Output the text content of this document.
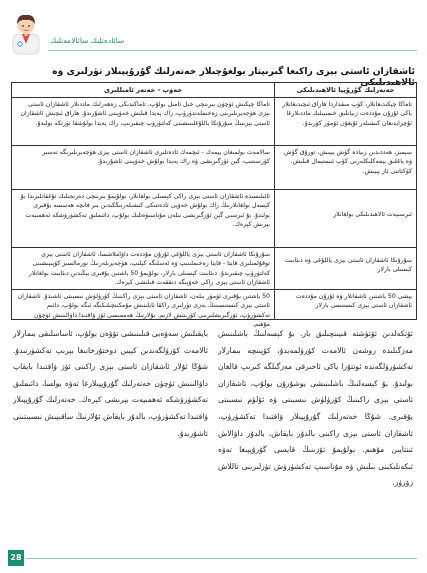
سائادەتلىك سائالامەتلىك
ئاشقازان ئاستى بېزى راكىغا گىرىپتار بولغۇچىلار خەتەرلىك گۇرۇپپىلار تۈرلىرى ۋە ئالاھىدىلىكى
خەۋپ - خەتەر ئامىللىرى	خەتەرلىك گۇرۇپپا ئالاھىدىلىكى
تاماكا چېكىش ئۈچۈن بىرىنچى خىل ئامىل بولۇپ، تاماكىدىكى زەھەرلىك ماددىلار ئاشقازان ئاستى بېزى ھۈجەيرىلىرىنى زەخىملەندۈرۈپ، راك پەيدا قىلىش خەۋپىنى ئاشۇرىدۇ. ھاراق ئىچىش ئاشقازان ئاستى بېزىنىڭ سۇرۇنكا ياللۇغلىنىشىنى كەلتۈرۈپ چىقىرىپ، راك پەيدا بولۇشقا تۈرتكە بولىدۇ.
تاماكا چېكىدىغانلار، كۆپ مىقداردا ھاراق ئىچىدىغانلار ياكى ئۇزۇن مۇددەت زىيانلىق خىمىيىلىك ماددىلارغا ئۇچرايدىغان كىشىلەر ئۇيغۇن ئۆمۈر كۆرىدۇ.
سالامەت بولمىغان يېمەك - ئىچمەك ئادەتلىرى ئاشقازان ئاستى بېزى ھۈجەيرىلىرىگە تەسىر كۆرسىتىپ، گېن ئۆزگىرىشى ۋە راك پەيدا بولۇش خەۋپىنى ئاشۇرىدۇ.
سېمىز، ھەددىدىن زىيادە گۆش يېيىش، تورۇق گۆش ۋە ياغلىق يېمەكلىكلەرنى كۆپ ئىستېمال قىلىش، كۆكتاتنى ئاز يېيىش.
ئائىلىسىدە ئاشقازان ئاستى بېزى راكى كېسىلى بولغانلار، بولۇپمۇ بىرىنچى دەرىجىلىك تۇغقانلىرىدا بۇ كېسەل بولغانلارنىڭ راك بولۇش خەۋپى ئادەتتىكى كىشىلەرنىڭكىدىن بىر قانچە ھەسسە يۇقىرى بولىدۇ. بۇ ئىرسىي گېن ئۆزگىرىشى بىلەن مۇناسىۋەتلىك بولۇپ، دائىملىق تەكشۈرۈشكە ئەھمىيەت بېرىش كېرەك.
ئىرسىيەت ئالاھىدىلىكى بولغانلار
سۇرۇنكا ئاشقازان ئاستى بېزى ياللۇغى ئۇزۇن مۇددەت داۋاملاشسا، ئاشقازان ئاستى بېزى توقۇلمىلىرى قايتا - قايتا زەخىملىنىپ ۋە ئەسلىگە كېلىپ، ھۈجەيرىلەرنىڭ نورمالسىز كۆپىيىشىنى كەلتۈرۈپ چىقىرىدۇ. دىئابىت كېسىلى بارلار، بولۇپمۇ 50 ياشتىن يۇقىرى يېڭىدىن دىئابىت بولغانلار ئاشقازان ئاستى بېزى راكى خەۋپىگە دىققەت قىلىشى كېرەك.
سۇرۇنكا ئاشقازان ئاستى بېزى ياللۇغى ۋە دىئابىت كېسىلى بارلار
50 ياشتىن يۇقىرى ئۆمۈر بىلەن، ئاشقازان ئاستى بېزى راكىنىڭ كۆرۈلۈش نىسبىتى ئاشىدۇ. ئاشقازان ئاستى بېزى كىستىسىنىڭ بەزى تۈرلىرى راكقا ئايلىنىش مۇمكىنچىلىكىگە ئىگە بولۇپ، دائىم تەكشۈرۈپ، ئۆزگىرىشلىرىنى كۆزىتىش لازىم. بۇلارنىڭ ھەممىسى ئۆز ۋاقتىدا داۋالىنىش ئۈچۈن مۇھىم.
يېشى 50 ياشتىن ئاشقانلار ۋە ئۇزۇن مۇددەت ئاشقازان ئاستى بېزى كىستىسى بارلار
ئۆتكەلدىن ئۆتۈشتە قىيىنچىلىق بار. بۇ كېسەلنىڭ باشلىنىش مەزگىلىدە روشەن ئالامەت كۆرۈلمەيدۇ، كۆپىنچە بىمارلار تەكشۈرۈلگەندە ئوتتۇرا ياكى ئاخىرقى مەزگىلگە كىرىپ قالغان بولىدۇ. بۇ كېسەلنىڭ باشلىنىشى يوشۇرۇن بولۇپ، ئاشقازان ئاستى بېزى راكىنىڭ كۆرۈلۈش نىسبىتى ۋە ئۆلۈم نىسبىتى يۇقىرى. شۇڭا خەتەرلىك گۇرۇپپىلار ۋاقتىدا تەكشۈرۈپ، ئاشقازان ئاستى بېزى راكىنى بالدۇر بايقاش، بالدۇر داۋالاش ئىنتايىن مۇھىم. بولۇپمۇ ئۆزىنىڭ قايسى گۇرۇپپىغا تەۋە ئىكەنلىكىنى بىلىش ۋە مۇناسىپ تەكشۈرۈش تۈرلىرىنى تاللاش زۆرۈر.
بايقىلىش سەۋەبى قىلىنىشى تۆۋەن بولۇپ، ئاساسلىقى بىمارلار ئالامەت كۆرۈلگەندىن كېيىن دوختۇرخانىغا بېرىپ تەكشۈرتىدۇ. شۇڭا ئۇلار ئاشقازان ئاستى بېزى راكىنى ئۆز ۋاقتىدا بايقاپ داۋالىنىش ئۈچۈن خەتەرلىك گۇرۇپپىلارغا تەۋە بولسا، دائىملىق تەكشۈرۈشكە ئەھمىيەت بېرىشى كېرەك. خەتەرلىك گۇرۇپپىلار ۋاقتىدا تەكشۈرۈپ، بالدۇر بايقاش ئۇلارنىڭ ساقىيىش نىسبىتىنى ئاشۇرىدۇ.
28
